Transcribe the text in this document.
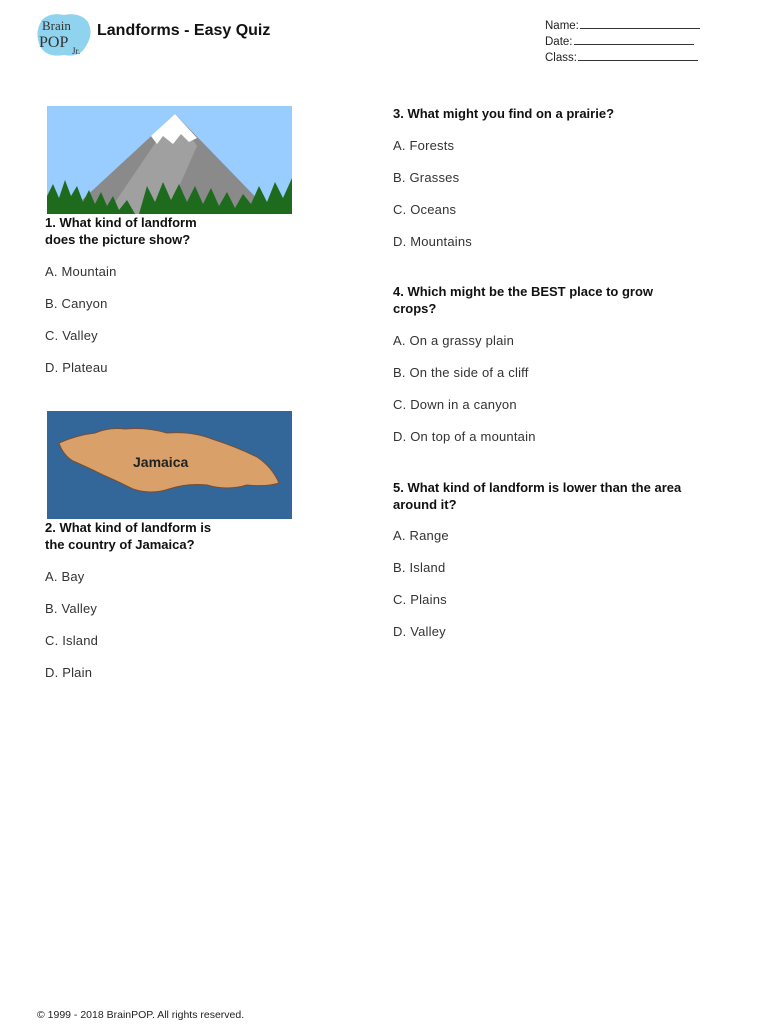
Brain
POP Jr.
Landforms - Easy Quiz	Name:
Date:
Class:
Jamaica
1. What kind of landform
does the picture show?
A. Mountain
B. Canyon
C. Valley
D. Plateau
2. What kind of landform is
the country of Jamaica?
A. Bay
B. Valley
C. Island
D. Plain
3. What might you find on a prairie?
A. Forests
B. Grasses
C. Oceans
D. Mountains
4. Which might be the BEST place to grow
crops?
A. On a grassy plain
B. On the side of a cliff
C. Down in a canyon
D. On top of a mountain
5. What kind of landform is lower than the area
around it?
A. Range
B. Island
C. Plains
D. Valley
© 1999 - 2018 BrainPOP. All rights reserved.
